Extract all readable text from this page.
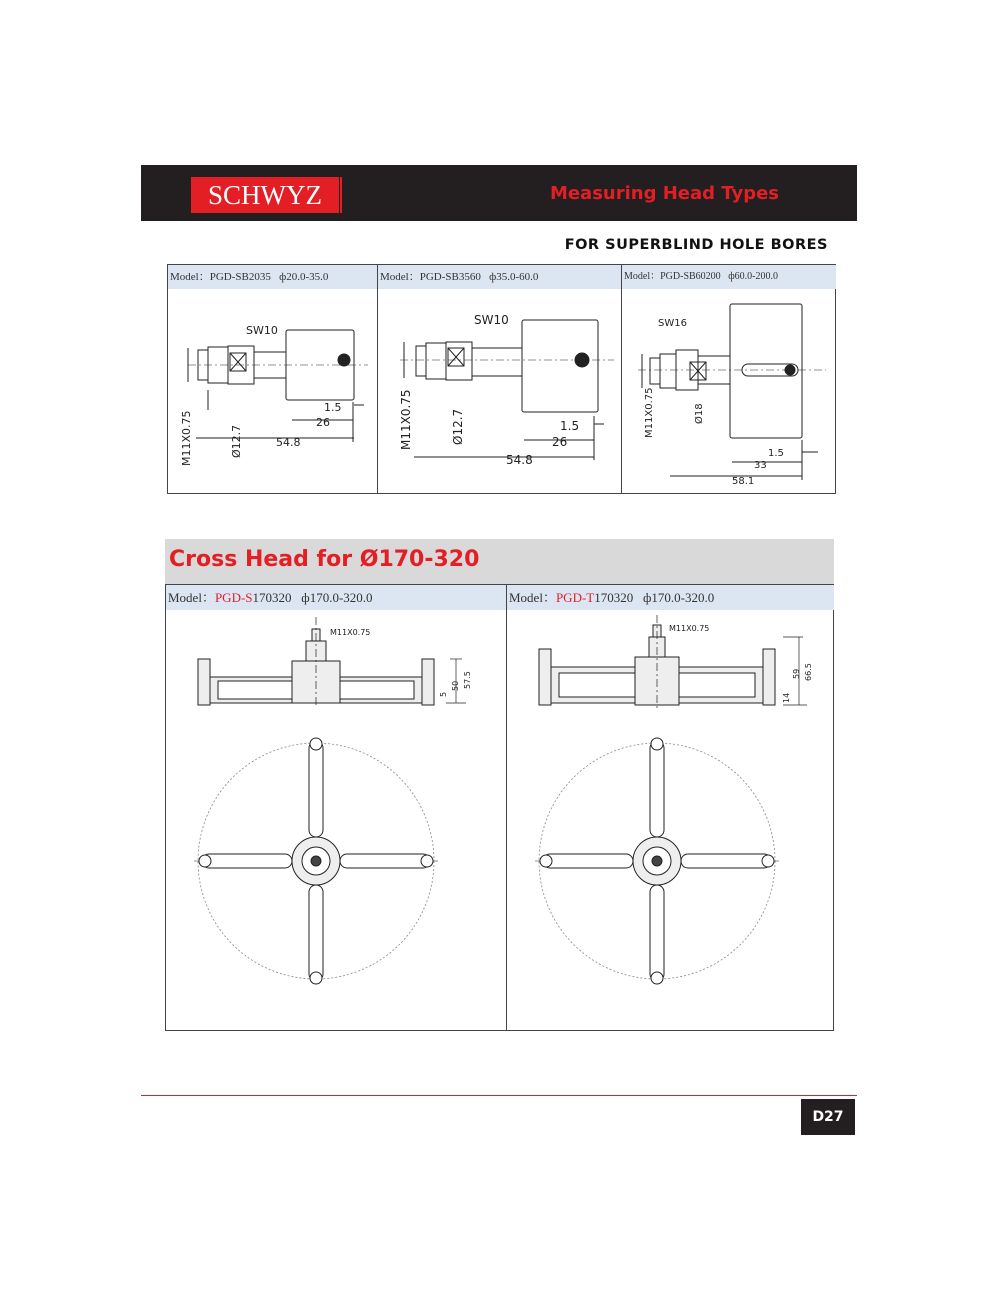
SCHWYZ	Measuring Head Types
FOR SUPERBLIND HOLE BORES
Model：PGD-SB2035 ф20.0-35.0
SW10
M11X0.75	Ø12.7
1.5
26
54.8
Model：PGD-SB3560 ф35.0-60.0
SW10
M11X0.75	Ø12.7	1.5
26
54.8
Model：PGD-SB60200 ф60.0-200.0
SW16
M11X0.75	Ø18
1.5
33
58.1
Cross Head for Ø170-320
Model：PGD-S170320 ф170.0-320.0
M11X0.75
5
50 57.5
Model：PGD-T170320 ф170.0-320.0
M11X0.75
14
59 66.5
D27
